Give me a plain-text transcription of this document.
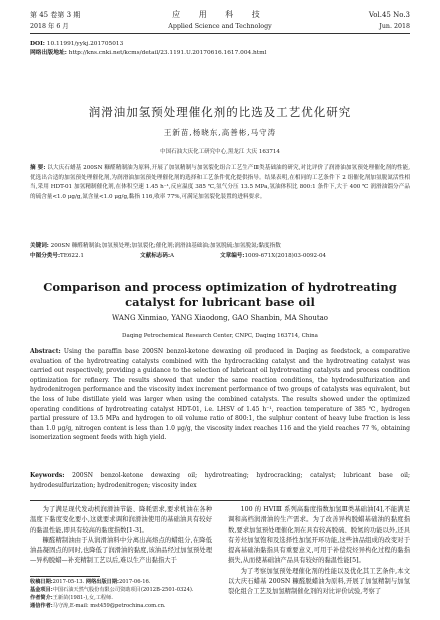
第 45 卷第 3 期	应 用 科 技	Vol.45 No.3
2018 年 6 月	Applied Science and Technology	Jun. 2018
DOI: 10.11991/yykj.201705013
网络出版地址: http://kns.cnki.net/kcms/detail/23.1191.U.20170616.1617.004.html
润滑油加氢预处理催化剂的比选及工艺优化研究
王新苗,杨晓东,高善彬,马守涛
中国石油大庆化工研究中心,黑龙江 大庆 163714
摘 要: 以大庆石蜡基 200SN 糠醛精制油为原料,开展了加氢精制与加氢裂化组合工艺生产Ⅲ类基础油的研究,对比评价了润滑油加氢预处理催化剂的性能,优选出合适的加氢预处理催化剂,为润滑油加氢预处理催化剂的选择和工艺条件优化提供指导。结果表明,在相同的工艺条件下 2 组催化剂加氢脱氮活性相当,采用 HDT-01 加氢精制催化剂,在体积空速 1.45 h⁻¹,反应温度 385 ℃,氢气分压 13.5 MPa,氢油体积比 800:1 条件下,大于 400 ℃ 润滑油馏分产品的硫含量<1.0 μg/g,氮含量<1.0 μg/g,黏指 116,收率 77%,可满足加氢裂化装置的进料要求。
关键词: 200SN 糠醛精制油;加氢预处理;加氢裂化;催化剂;润滑油基础油;加氢脱硫;加氢脱氮;黏度指数
中图分类号:TE622.1	文献标志码:A	文章编号:1009-671X(2018)03-0092-04
Comparison and process optimization of hydrotreating catalyst for lubricant base oil
WANG Xinmiao, YANG Xiaodong, GAO Shanbin, MA Shoutao
Daqing Petrochemical Research Center, CNPC, Daqing 163714, China
Abstract: Using the paraffin base 200SN benzol-ketone dewaxing oil produced in Daqing as feedstock, a comparative evaluation of the hydrotreating catalysts combined with the hydrocracking catalyst and the hydrotreating catalyst was carried out respectively, providing a guidance to the selection of lubricant oil hydrotreating catalysts and process condition optimization for refinery. The results showed that under the same reaction conditions, the hydrodesulfurization and hydrodenitrogen performance and the viscosity index increment performance of two groups of catalysts was equivalent, but the loss of lube distillate yield was larger when using the combined catalysts. The results showed under the optimized operating conditions of hydrotreating catalyst HDT-01, i.e. LHSV of 1.45 h⁻¹, reaction temperature of 385 ℃, hydrogen partial pressure of 13.5 MPa and hydrogen to oil volume ratio of 800:1, the sulphur content of heavy lube fraction is less than 1.0 μg/g, nitrogen content is less than 1.0 μg/g, the viscosity index reaches 116 and the yield reaches 77 %, obtaining isomerization segment feeds with high yield.
Keywords: 200SN benzol-ketone dewaxing oil; hydrotreating; hydrocracking; catalyst; lubricant base oil; hydrodesulfurization; hydrodenitrogen; viscosity index

为了满足现代发动机润滑油节能、降耗需求,要求机油在各种温度下黏度变化要小,这就要求调和润滑油使用的基础油具有较好的黏温性能,即具有较高的黏度指数[1-3]。

糠醛精制油由于从润滑油料中分离出高熔点的蜡组分,在降低油品凝固点的同时,也降低了润滑油的黏度,该油品经过加氢预处理—异构脱蜡—补充精制工艺以后,难以生产出黏指大于

100 的 HVIⅢ 系列高黏度指数加氢Ⅲ类基础油[4],不能满足调和高档润滑油的生产需求。为了改善异构脱蜡基础油的黏度指数,要求加氢预处理催化剂在具有较高脱硫、脱氮的功能以外,还具有芳烃加氢饱和及选择性加氢开环功能,这些油品组成的改变对于提高基础油黏指具有重要意义,可用于补偿烷烃异构化过程的黏指损失,从而使基础油产品具有较好的黏温性能[5]。

为了考察加氢预处理催化剂的性能以及优化其工艺条件,本文以大庆石蜡基 200SN 糠醛脱蜡油为原料,开展了加氢精制与加氢裂化组合工艺及加氢精制催化剂的对比评价试验,考察了

收稿日期:2017-05-13. 网络出版日期:2017-06-16.
基金项目:中国石油天然气股份有限公司资助项目(2012B-2501-0324).
作者简介:王新苗(1981-),女,工程师.
通信作者:马守涛,E-mail: mst459@petrochina.com.cn.
